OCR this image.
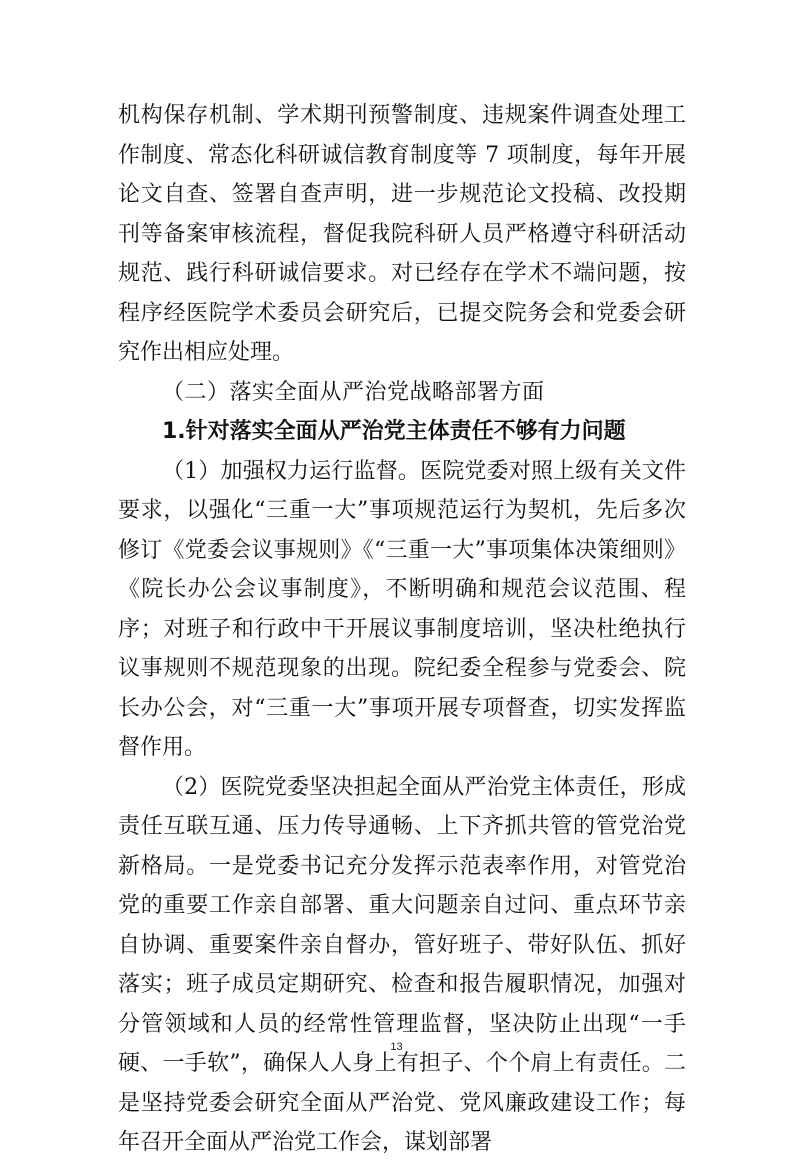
机构保存机制、学术期刊预警制度、违规案件调查处理工作制度、常态化科研诚信教育制度等 7 项制度，每年开展论文自查、签署自查声明，进一步规范论文投稿、改投期刊等备案审核流程，督促我院科研人员严格遵守科研活动规范、践行科研诚信要求。对已经存在学术不端问题，按程序经医院学术委员会研究后，已提交院务会和党委会研究作出相应处理。

（二）落实全面从严治党战略部署方面

1.针对落实全面从严治党主体责任不够有力问题

（1）加强权力运行监督。医院党委对照上级有关文件要求，以强化“三重一大”事项规范运行为契机，先后多次修订《党委会议事规则》《“三重一大”事项集体决策细则》《院长办公会议事制度》，不断明确和规范会议范围、程序；对班子和行政中干开展议事制度培训，坚决杜绝执行议事规则不规范现象的出现。院纪委全程参与党委会、院长办公会，对“三重一大”事项开展专项督查，切实发挥监督作用。

（2）医院党委坚决担起全面从严治党主体责任，形成责任互联互通、压力传导通畅、上下齐抓共管的管党治党新格局。一是党委书记充分发挥示范表率作用，对管党治党的重要工作亲自部署、重大问题亲自过问、重点环节亲自协调、重要案件亲自督办，管好班子、带好队伍、抓好落实；班子成员定期研究、检查和报告履职情况，加强对分管领域和人员的经常性管理监督，坚决防止出现“一手硬、一手软”，确保人人身上有担子、个个肩上有责任。二是坚持党委会研究全面从严治党、党风廉政建设工作；每年召开全面从严治党工作会，谋划部署

13
